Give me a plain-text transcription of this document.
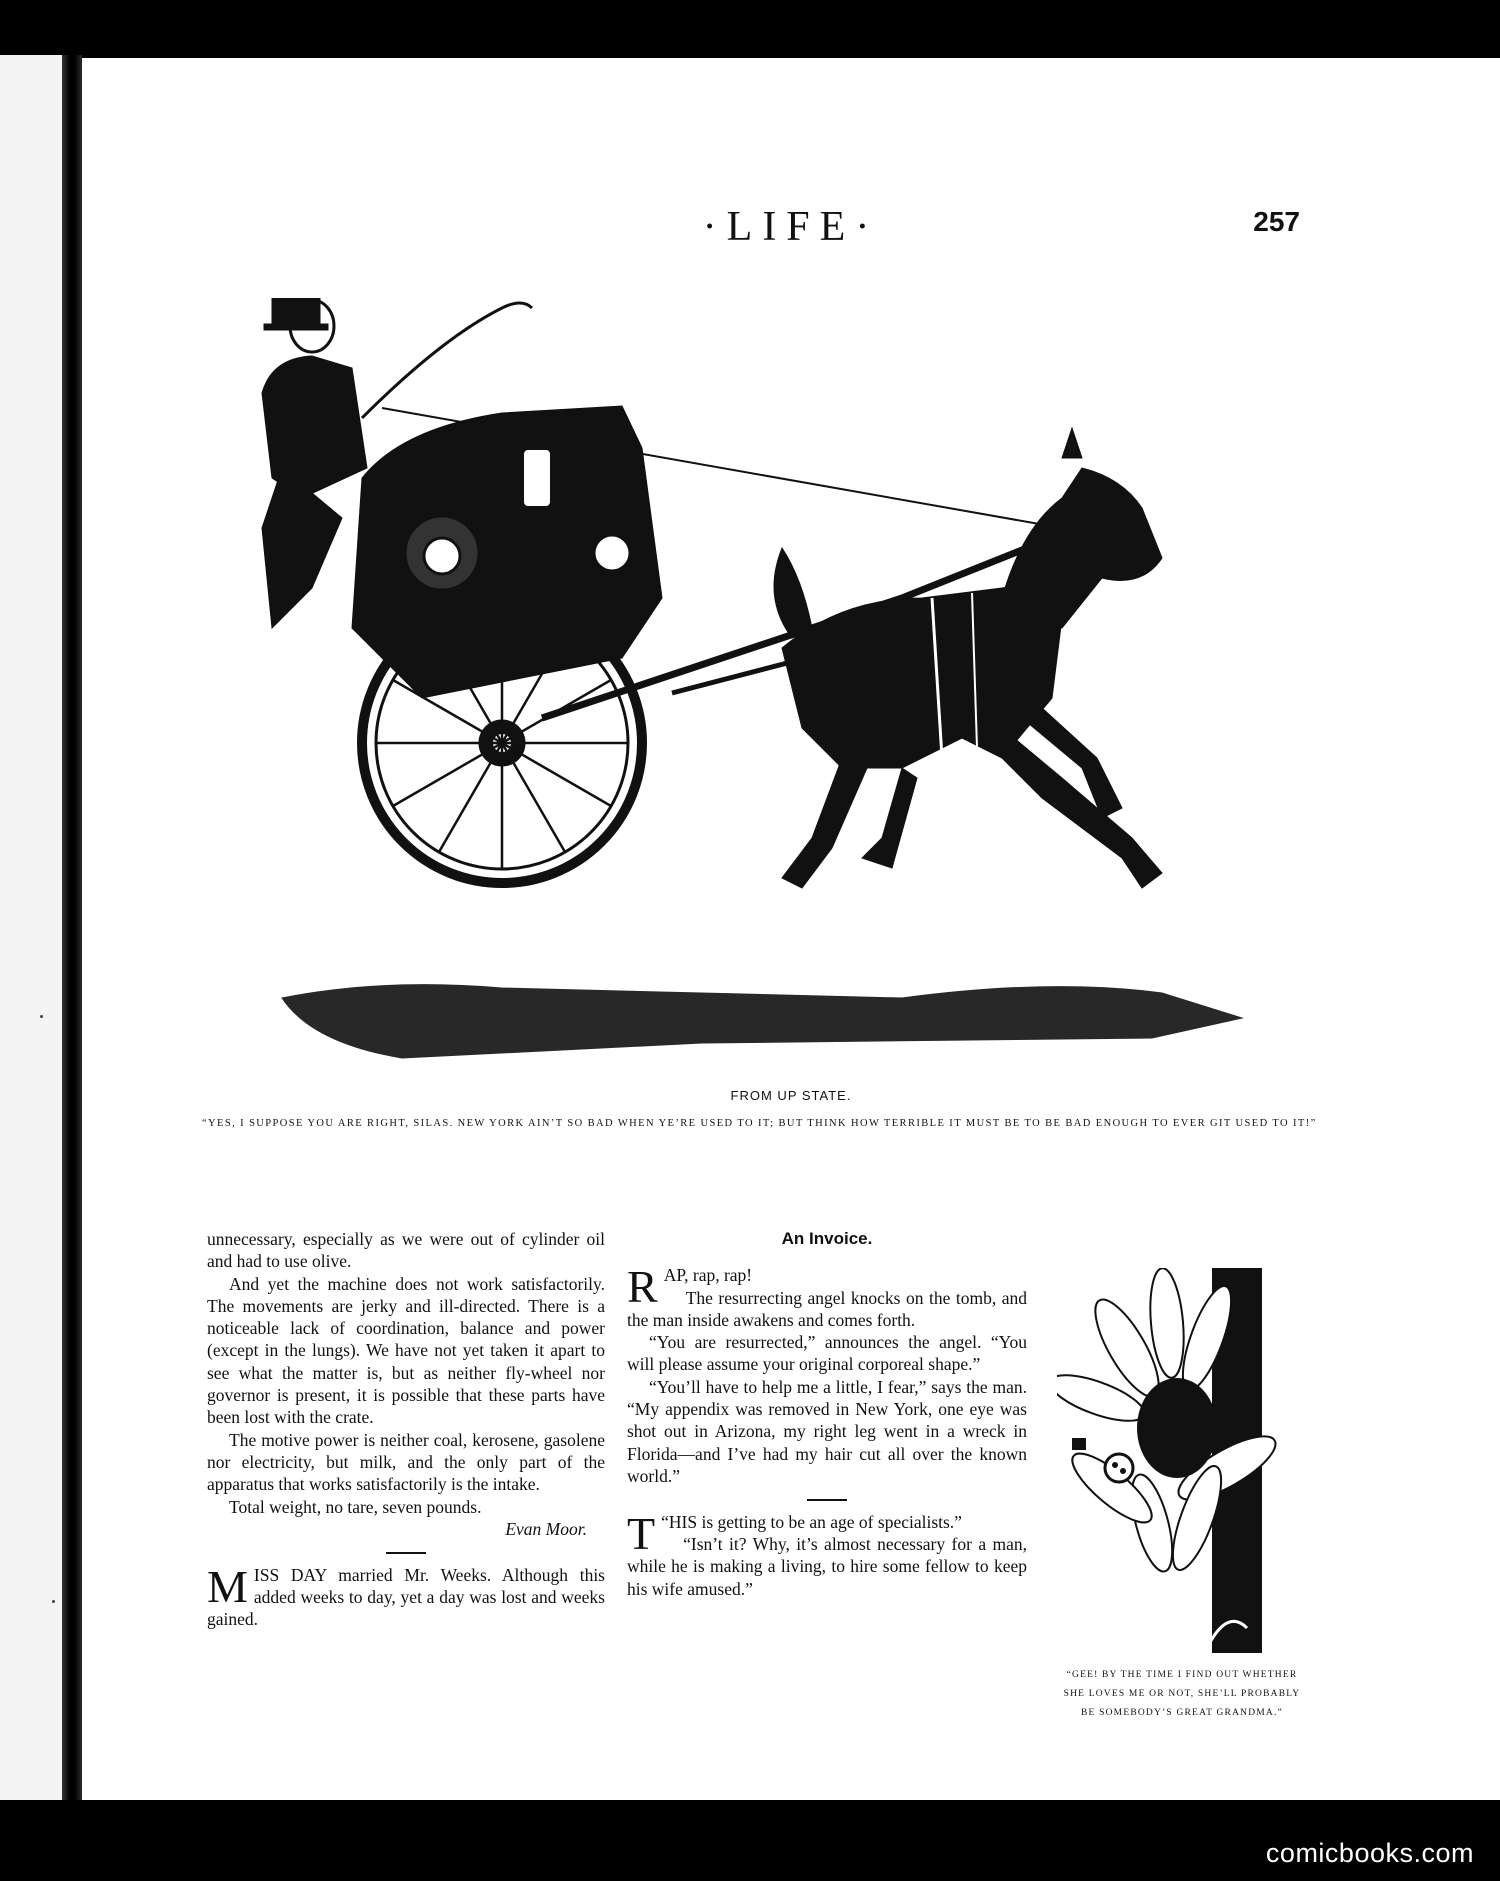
·LIFE·	257
FROM UP STATE.
“YES, I SUPPOSE YOU ARE RIGHT, SILAS. NEW YORK AIN’T SO BAD WHEN YE’RE USED TO IT; BUT THINK HOW TERRIBLE IT MUST BE TO BE BAD ENOUGH TO EVER GIT USED TO IT!”

unnecessary, especially as we were out of cylinder oil and had to use olive.

And yet the machine does not work satisfactorily. The movements are jerky and ill-directed. There is a noticeable lack of coordination, balance and power (except in the lungs). We have not yet taken it apart to see what the matter is, but as neither fly-wheel nor governor is present, it is possible that these parts have been lost with the crate.

The motive power is neither coal, kerosene, gasolene nor electricity, but milk, and the only part of the apparatus that works satisfactorily is the intake.

Total weight, no tare, seven pounds.

Evan Moor.

MISS DAY married Mr. Weeks. Although this added weeks to day, yet a day was lost and weeks gained.

An Invoice.

RAP, rap, rap!

The resurrecting angel knocks on the tomb, and the man inside awakens and comes forth.

“You are resurrected,” announces the angel. “You will please assume your original corporeal shape.”

“You’ll have to help me a little, I fear,” says the man. “My appendix was removed in New York, one eye was shot out in Arizona, my right leg went in a wreck in Florida—and I’ve had my hair cut all over the known world.”

“
T HIS is getting to be an age of specialists.”

“Isn’t it? Why, it’s almost necessary for a man, while he is making a living, to hire some fellow to keep his wife amused.”

“GEE! BY THE TIME I FIND OUT WHETHER SHE LOVES ME OR NOT, SHE’LL PROBABLY BE SOMEBODY’S GREAT GRANDMA.”
comicbooks.com
